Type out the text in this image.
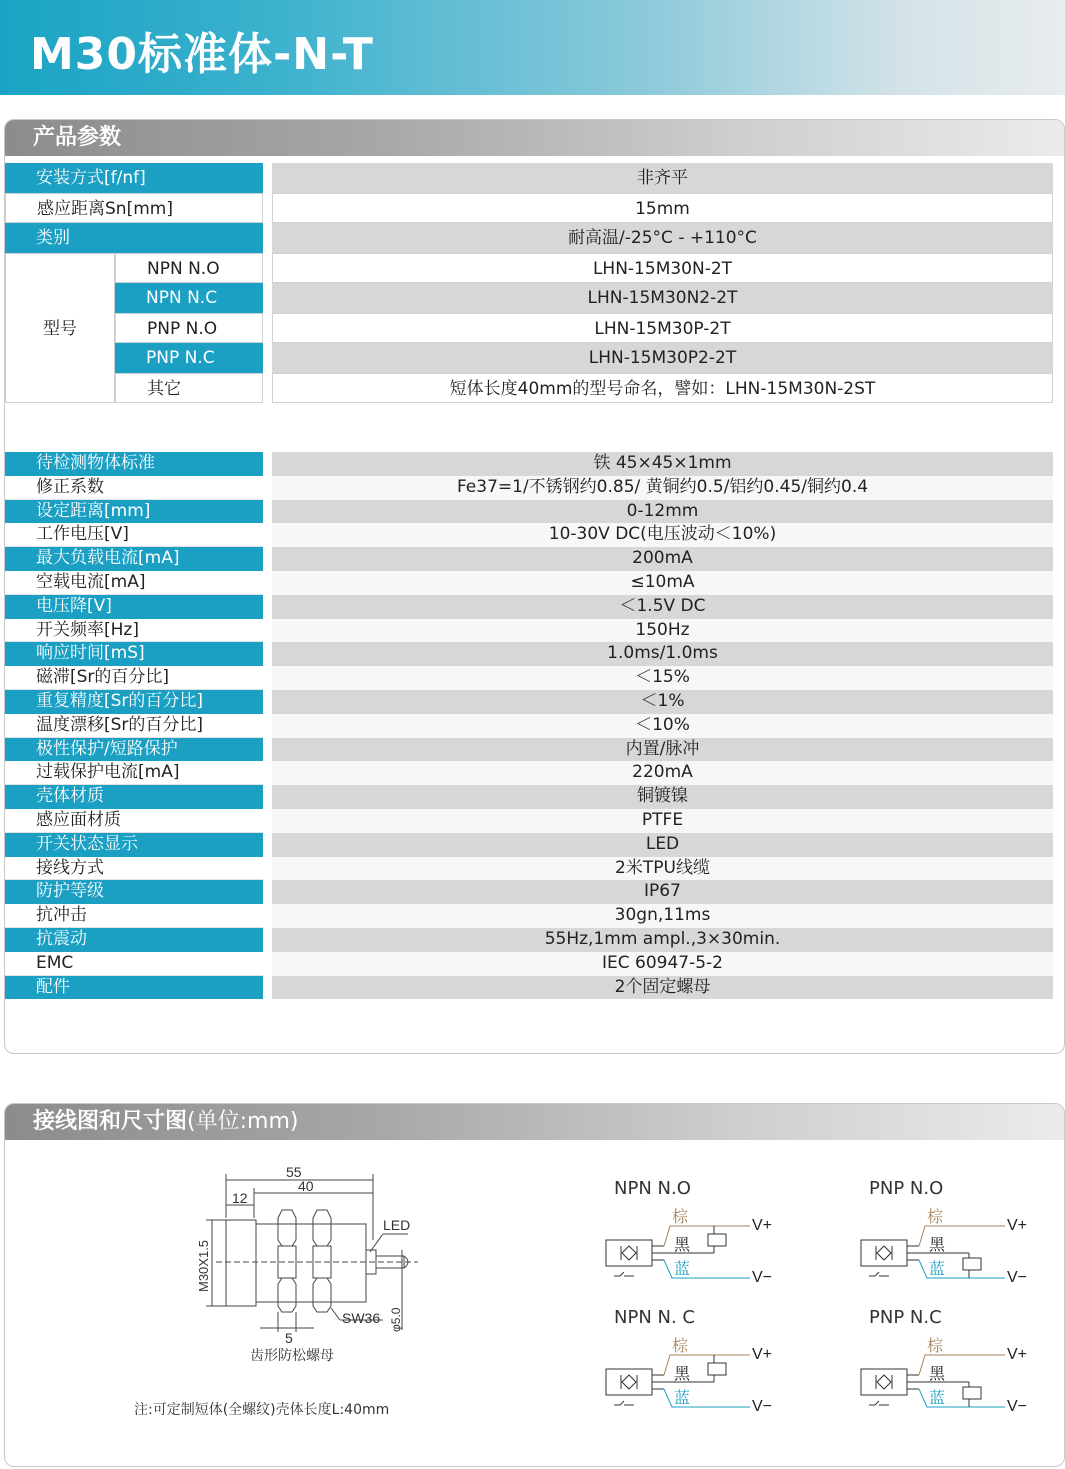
M30标准体-N-T
产品参数
安装方式[f/nf]	非齐平
感应距离Sn[mm]	15mm
类别	耐高温/-25°C - +110°C
型号
NPN N.O	LHN-15M30N-2T
NPN N.C	LHN-15M30N2-2T
PNP N.O	LHN-15M30P-2T
PNP N.C	LHN-15M30P2-2T
其它	短体长度40mm的型号命名，譬如：LHN-15M30N-2ST
待检测物体标准	铁 45×45×1mm
修正系数	Fe37=1/不锈钢约0.85/ 黄铜约0.5/铝约0.45/铜约0.4
设定距离[mm]	0-12mm
工作电压[V]	10-30V DC(电压波动＜10%)
最大负载电流[mA]	200mA
空载电流[mA]	≤10mA
电压降[V]	＜1.5V DC
开关频率[Hz]	150Hz
响应时间[mS]	1.0ms/1.0ms
磁滞[Sr的百分比]	＜15%
重复精度[Sr的百分比]	＜1%
温度漂移[Sr的百分比]	＜10%
极性保护/短路保护	内置/脉冲
过载保护电流[mA]	220mA
壳体材质	铜镀镍
感应面材质	PTFE
开关状态显示	LED
接线方式	2米TPU线缆
防护等级	IP67
抗冲击	30gn,11ms
抗震动	55Hz,1mm ampl.,3×30min.
EMC	IEC 60947-5-2
配件	2个固定螺母
接线图和尺寸图(单位:mm)
55
40
12
LED
M30X1.5
5
SW36 φ5.0
齿形防松螺母
注:可定制短体(全螺纹)壳体长度L:40mm
NPN N.O
棕
黑
蓝
V+
V−
PNP N.O
棕
黑
蓝
V+
V−
NPN N. C
棕
黑
蓝
V+
V−
PNP N.C
棕
黑
蓝
V+
V−
